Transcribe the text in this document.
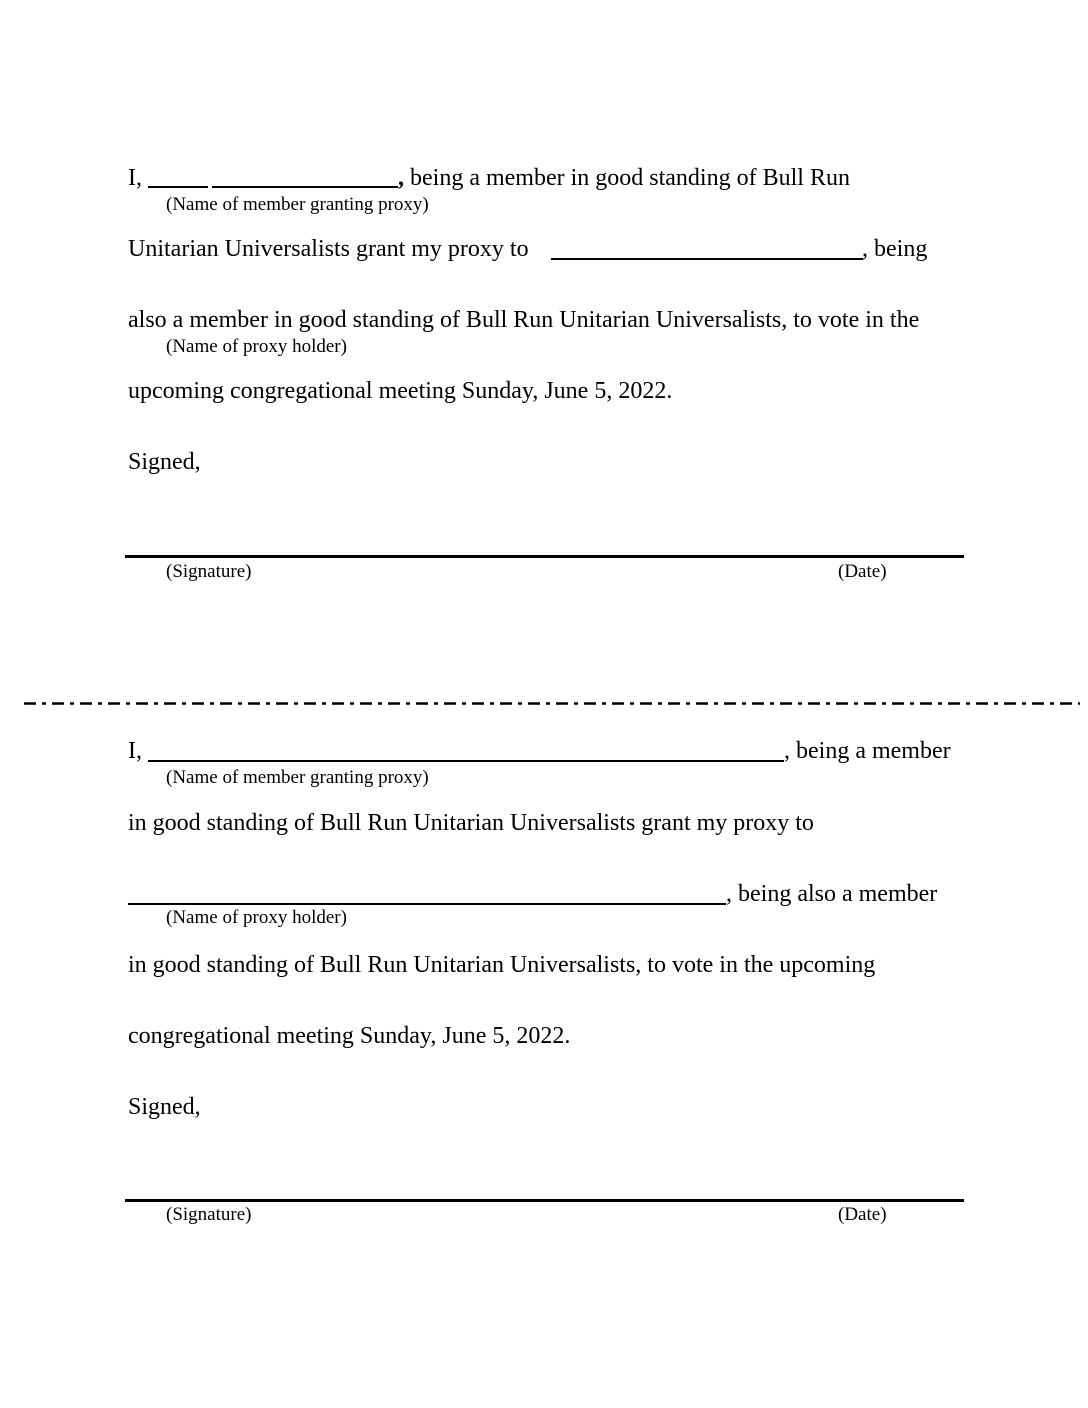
I,	, being a member in good standing of Bull Run
(Name of member granting proxy)
Unitarian Universalists grant my proxy to	, being
also a member in good standing of Bull Run Unitarian Universalists, to vote in the
(Name of proxy holder)
upcoming congregational meeting Sunday, June 5, 2022.
Signed,
(Signature)	(Date)
I,	, being a member
(Name of member granting proxy)
in good standing of Bull Run Unitarian Universalists grant my proxy to
, being also a member
(Name of proxy holder)
in good standing of Bull Run Unitarian Universalists, to vote in the upcoming
congregational meeting Sunday, June 5, 2022.
Signed,
(Signature)	(Date)
